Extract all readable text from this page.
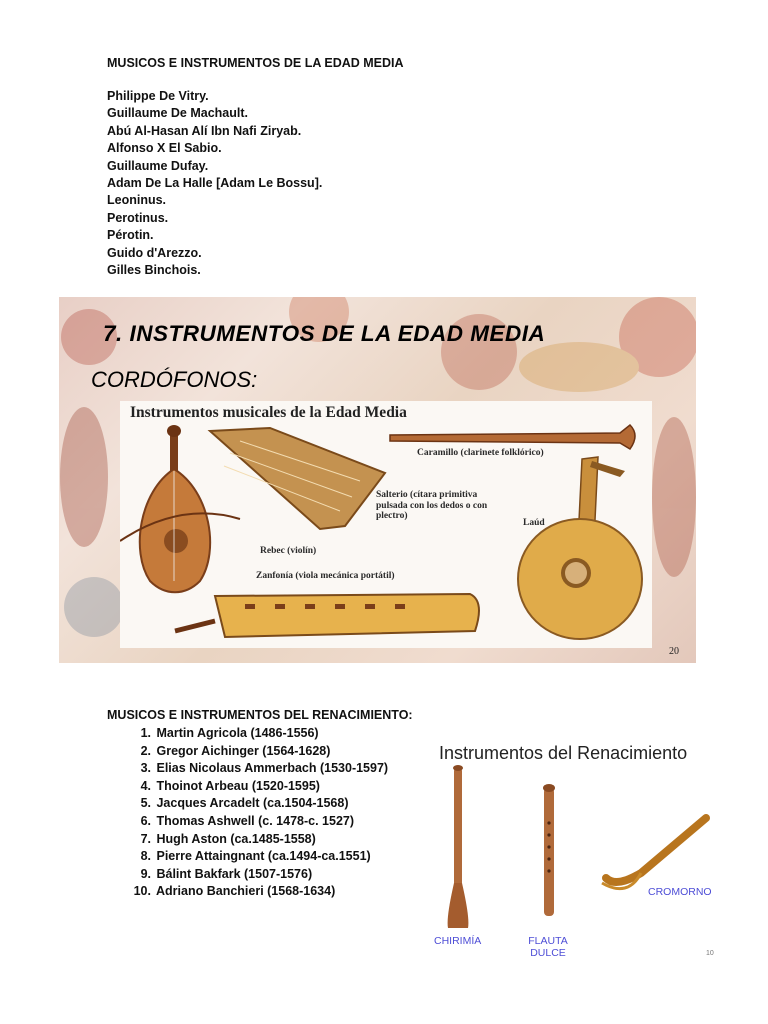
MUSICOS E INSTRUMENTOS DE LA EDAD MEDIA
Philippe De Vitry.
Guillaume De Machault.
Abú Al-Hasan Alí Ibn Nafi Ziryab.
Alfonso X El Sabio.
Guillaume Dufay.
Adam De La Halle [Adam Le Bossu].
Leoninus.
Perotinus.
Pérotin.
Guido d'Arezzo.
Gilles Binchois.
7. INSTRUMENTOS DE LA EDAD MEDIA
CORDÓFONOS:
Instrumentos musicales de la Edad Media
Caramillo (clarinete folklórico)
Salterio (cítara primitiva pulsada con los dedos o con plectro)
Laúd
Rebec (violín)
Zanfonía (viola mecánica portátil)
20
MUSICOS E INSTRUMENTOS DEL RENACIMIENTO:
1. Martin Agricola (1486-1556)
2. Gregor Aichinger (1564-1628)
3. Elias Nicolaus Ammerbach (1530-1597)
4. Thoinot Arbeau (1520-1595)
5. Jacques Arcadelt (ca.1504-1568)
6. Thomas Ashwell (c. 1478-c. 1527)
7. Hugh Aston (ca.1485-1558)
8. Pierre Attaingnant (ca.1494-ca.1551)
9. Bálint Bakfark (1507-1576)
10. Adriano Banchieri (1568-1634)
Instrumentos del Renacimiento
CHIRIMÍA	FLAUTA
DULCE
CROMORNO
10
